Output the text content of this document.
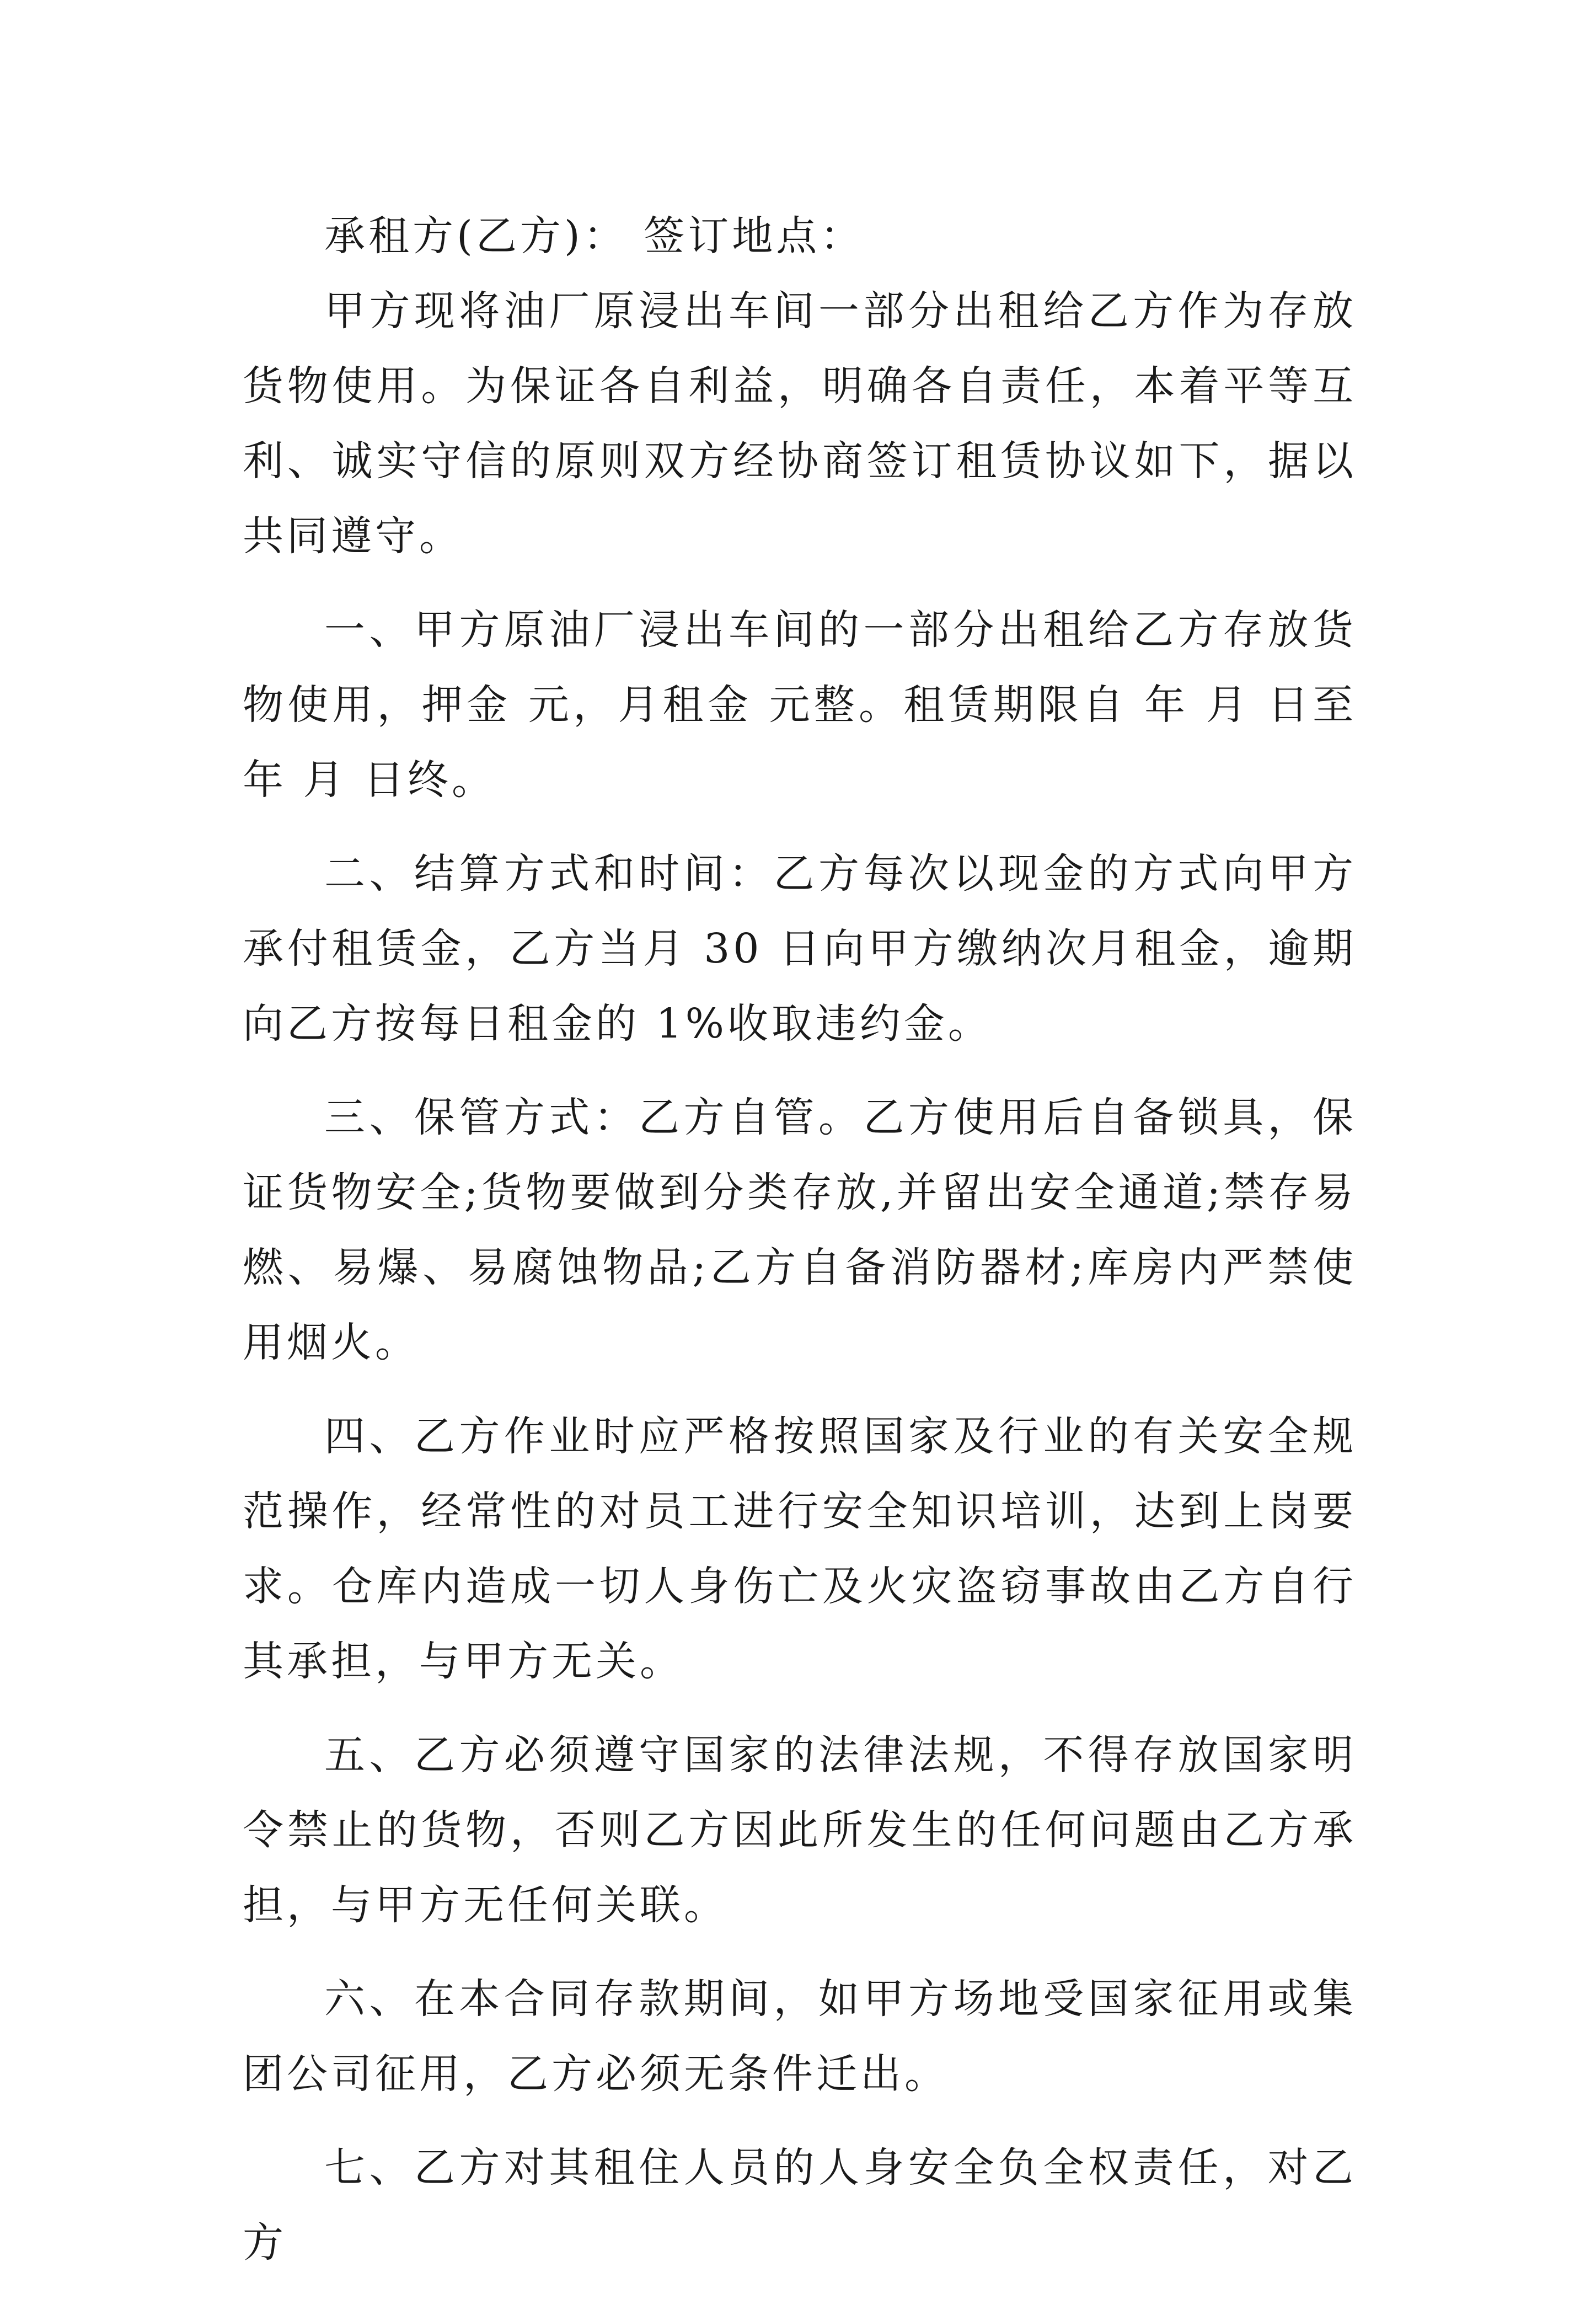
承租方(乙方)： 签订地点：

甲方现将油厂原浸出车间一部分出租给乙方作为存放货物使用。为保证各自利益，明确各自责任，本着平等互利、诚实守信的原则双方经协商签订租赁协议如下，据以共同遵守。

一、甲方原油厂浸出车间的一部分出租给乙方存放货物使用，押金 元，月租金 元整。租赁期限自 年 月 日至 年 月 日终。

二、结算方式和时间：乙方每次以现金的方式向甲方承付租赁金，乙方当月 30 日向甲方缴纳次月租金，逾期向乙方按每日租金的 1%收取违约金。

三、保管方式：乙方自管。乙方使用后自备锁具，保证货物安全;货物要做到分类存放,并留出安全通道;禁存易燃、易爆、易腐蚀物品;乙方自备消防器材;库房内严禁使用烟火。

四、乙方作业时应严格按照国家及行业的有关安全规范操作，经常性的对员工进行安全知识培训，达到上岗要求。仓库内造成一切人身伤亡及火灾盗窃事故由乙方自行其承担，与甲方无关。

五、乙方必须遵守国家的法律法规，不得存放国家明令禁止的货物，否则乙方因此所发生的任何问题由乙方承担，与甲方无任何关联。

六、在本合同存款期间，如甲方场地受国家征用或集团公司征用，乙方必须无条件迁出。

七、乙方对其租住人员的人身安全负全权责任，对乙方
